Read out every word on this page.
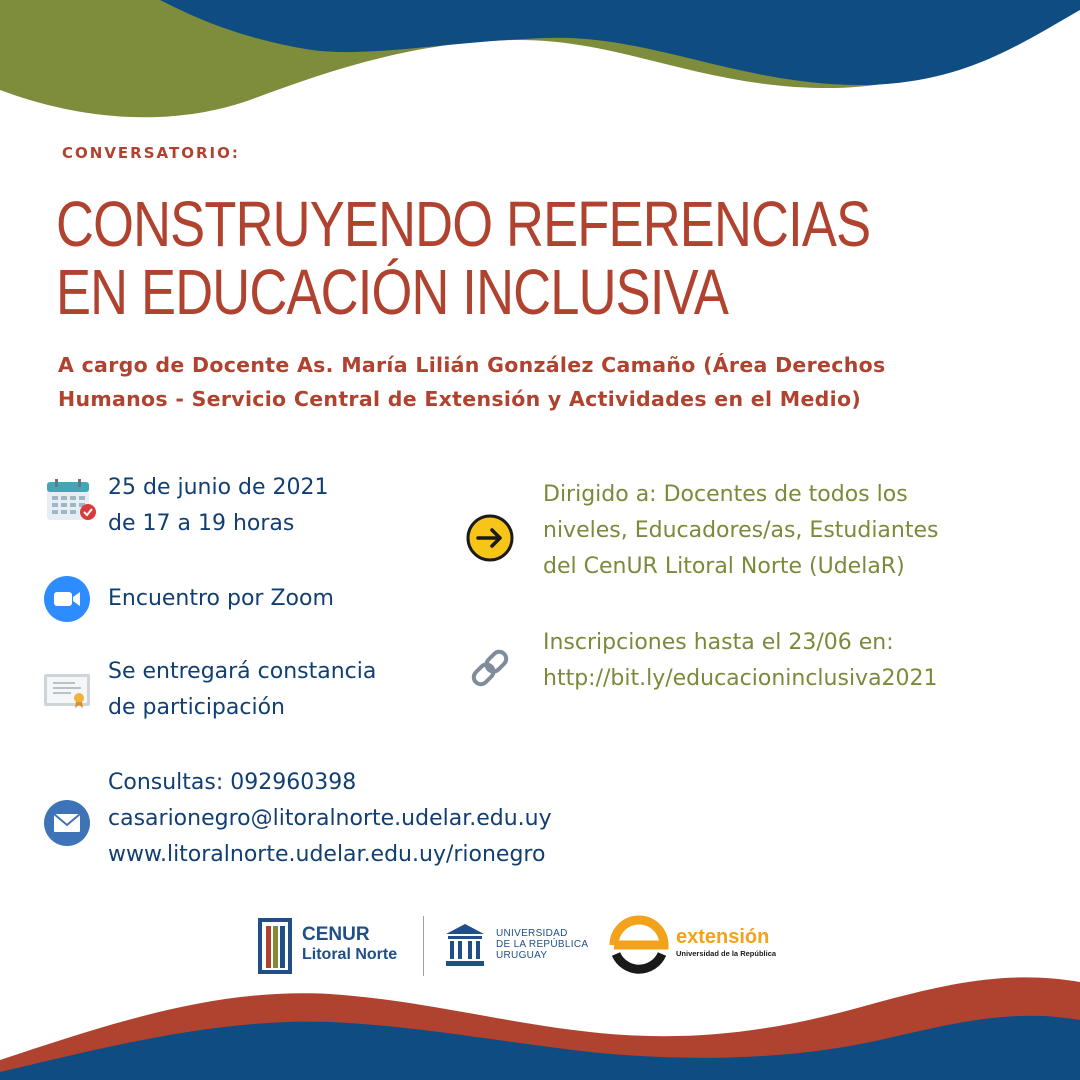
CONVERSATORIO:
CONSTRUYENDO REFERENCIAS
EN EDUCACIÓN INCLUSIVA
A cargo de Docente As. María Lilián González Camaño (Área Derechos
Humanos - Servicio Central de Extensión y Actividades en el Medio)
25 de junio de 2021
de 17 a 19 horas
Encuentro por Zoom
Se entregará constancia
de participación
Consultas: 092960398
casarionegro@litoralnorte.udelar.edu.uy
www.litoralnorte.udelar.edu.uy/rionegro
Dirigido a: Docentes de todos los
niveles, Educadores/as, Estudiantes
del CenUR Litoral Norte (UdelaR)
Inscripciones hasta el 23/06 en:
http://bit.ly/educacioninclusiva2021
CENUR
Litoral Norte
UNIVERSIDAD
DE LA REPÚBLICA
URUGUAY
extensión
Universidad de la República
